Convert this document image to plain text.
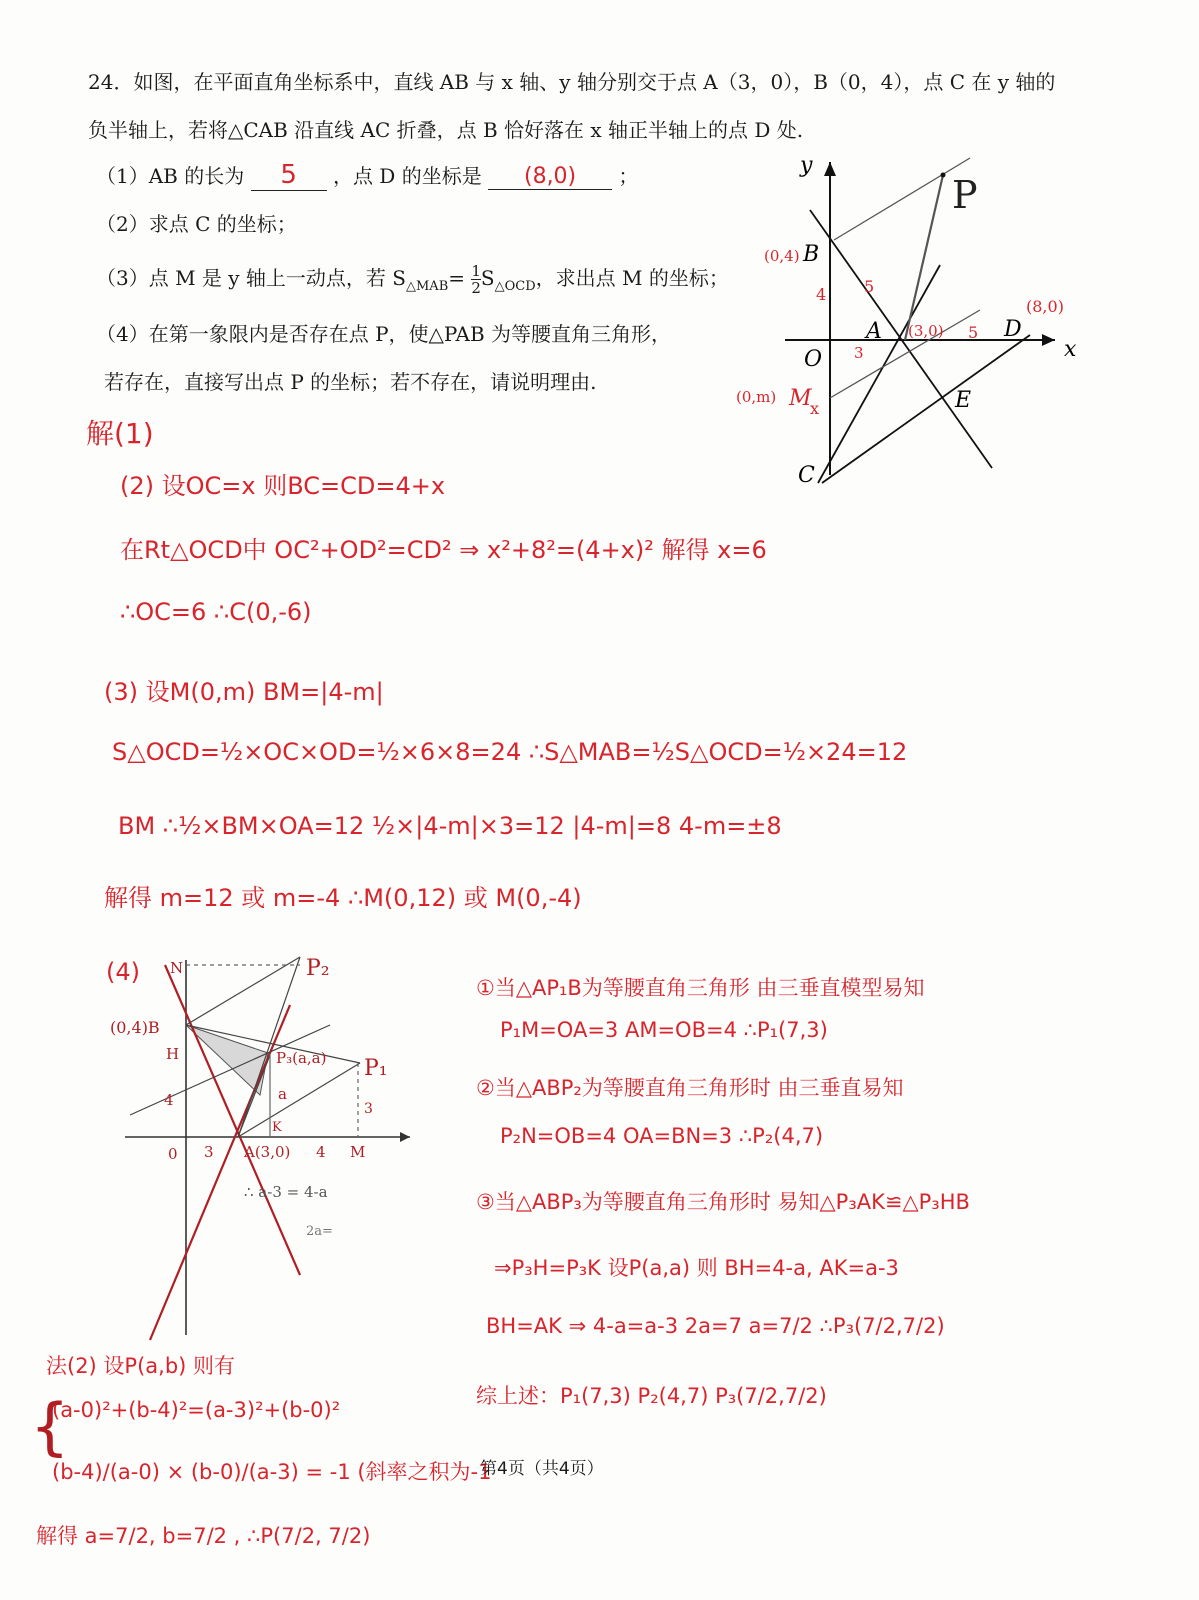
24．如图，在平面直角坐标系中，直线 AB 与 x 轴、y 轴分别交于点 A（3，0），B（0，4），点 C 在 y 轴的
负半轴上，若将△CAB 沿直线 AC 折叠，点 B 恰好落在 x 轴正半轴上的点 D 处.
（1）AB 的长为 5 ，点 D 的坐标是 (8,0) ；
（2）求点 C 的坐标；
（3）点 M 是 y 轴上一动点，若 $S_{\triangle MAB}= \frac{1}{2} S_{\triangle OCD}$，求出点 M 的坐标；
（4）在第一象限内是否存在点 P，使△PAB 为等腰直角三角形，
若存在，直接写出点 P 的坐标；若不存在，请说明理由.
y
x
O
B
A	D
C
E
M
P
(0,4)
(3,0)
(8,0)
(0,m)
5
5
4
3
x
解(1)
(2) 设OC=x 则BC=CD=4+x
在Rt△OCD中 OC²+OD²=CD² ⇒ x²+8²=(4+x)² 解得 x=6
∴OC=6 ∴C(0,-6)
(3) 设M(0,m) BM=|4-m|
S△OCD=½×OC×OD=½×6×8=24 ∴S△MAB=½S△OCD=½×24=12
BM ∴½×BM×OA=12 ½×|4-m|×3=12 |4-m|=8 4-m=±8
解得 m=12 或 m=-4 ∴M(0,12) 或 M(0,-4)
(4)
(0,4)B
H
N
0 3 A(3,0) 4 M
P₁
P₂
P₃(a,a)
a
4	3
K
∴ a-3 = 4-a
2a=
①当△AP₁B为等腰直角三角形 由三垂直模型易知
P₁M=OA=3 AM=OB=4 ∴P₁(7,3)
②当△ABP₂为等腰直角三角形时 由三垂直易知
P₂N=OB=4 OA=BN=3 ∴P₂(4,7)
③当△ABP₃为等腰直角三角形时 易知△P₃AK≌△P₃HB
⇒P₃H=P₃K 设P(a,a) 则 BH=4-a, AK=a-3
BH=AK ⇒ 4-a=a-3 2a=7 a=7/2 ∴P₃(7/2,7/2)
综上述：P₁(7,3) P₂(4,7) P₃(7/2,7/2)
法(2) 设P(a,b) 则有
(a-0)²+(b-4)²=(a-3)²+(b-0)²
{
(b-4)/(a-0) × (b-0)/(a-3) = -1 (斜率之积为-1
解得 a=7/2, b=7/2 , ∴P(7/2, 7/2)
第4页（共4页）
